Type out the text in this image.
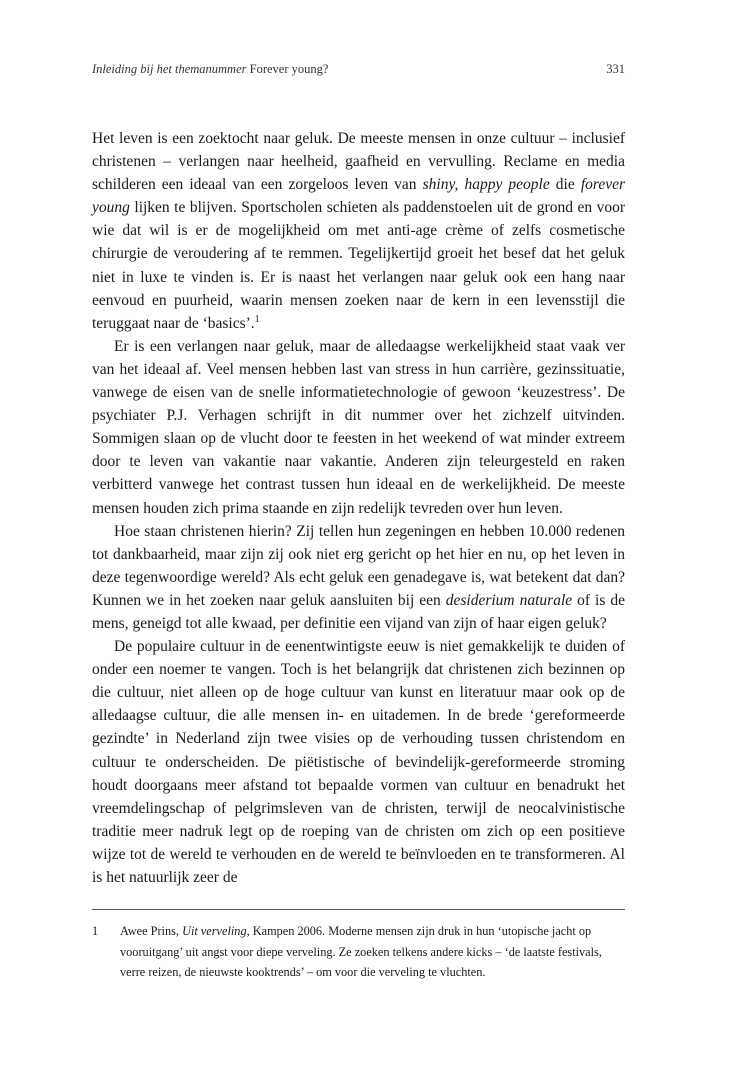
Inleiding bij het themanummer Forever young?	331

Het leven is een zoektocht naar geluk. De meeste mensen in onze cultuur – inclusief christenen – verlangen naar heelheid, gaafheid en vervulling. Reclame en media schilderen een ideaal van een zorgeloos leven van shiny, happy people die forever young lijken te blijven. Sportscholen schieten als paddenstoelen uit de grond en voor wie dat wil is er de mogelijkheid om met anti-age crème of zelfs cosmetische chirurgie de veroudering af te remmen. Tegelijkertijd groeit het besef dat het geluk niet in luxe te vinden is. Er is naast het verlangen naar geluk ook een hang naar eenvoud en puurheid, waarin mensen zoeken naar de kern in een levensstijl die teruggaat naar de ‘basics’.$^1$

Er is een verlangen naar geluk, maar de alledaagse werkelijkheid staat vaak ver van het ideaal af. Veel mensen hebben last van stress in hun carrière, gezinssituatie, vanwege de eisen van de snelle informatietechnologie of gewoon ‘keuzestress’. De psychiater P.J. Verhagen schrijft in dit nummer over het zichzelf uitvinden. Sommigen slaan op de vlucht door te feesten in het weekend of wat minder extreem door te leven van vakantie naar vakantie. Anderen zijn teleurgesteld en raken verbitterd vanwege het contrast tussen hun ideaal en de werkelijkheid. De meeste mensen houden zich prima staande en zijn redelijk tevreden over hun leven.

Hoe staan christenen hierin? Zij tellen hun zegeningen en hebben 10.000 redenen tot dankbaarheid, maar zijn zij ook niet erg gericht op het hier en nu, op het leven in deze tegenwoordige wereld? Als echt geluk een genadegave is, wat betekent dat dan? Kunnen we in het zoeken naar geluk aansluiten bij een desiderium naturale of is de mens, geneigd tot alle kwaad, per definitie een vijand van zijn of haar eigen geluk?

De populaire cultuur in de eenentwintigste eeuw is niet gemakkelijk te duiden of onder een noemer te vangen. Toch is het belangrijk dat christenen zich bezinnen op die cultuur, niet alleen op de hoge cultuur van kunst en literatuur maar ook op de alledaagse cultuur, die alle mensen in- en uitademen. In de brede ‘gereformeerde gezindte’ in Nederland zijn twee visies op de verhouding tussen christendom en cultuur te onderscheiden. De piëtistische of bevindelijk-gereformeerde stroming houdt doorgaans meer afstand tot bepaalde vormen van cultuur en benadrukt het vreemdelingschap of pelgrimsleven van de christen, terwijl de neocalvinistische traditie meer nadruk legt op de roeping van de christen om zich op een positieve wijze tot de wereld te verhouden en de wereld te beïnvloeden en te transformeren. Al is het natuurlijk zeer de

1 Awee Prins, Uit verveling, Kampen 2006. Moderne mensen zijn druk in hun ‘utopische jacht op vooruitgang’ uit angst voor diepe verveling. Ze zoeken telkens andere kicks – ‘de laatste festivals, verre reizen, de nieuwste kooktrends’ – om voor die verveling te vluchten.
